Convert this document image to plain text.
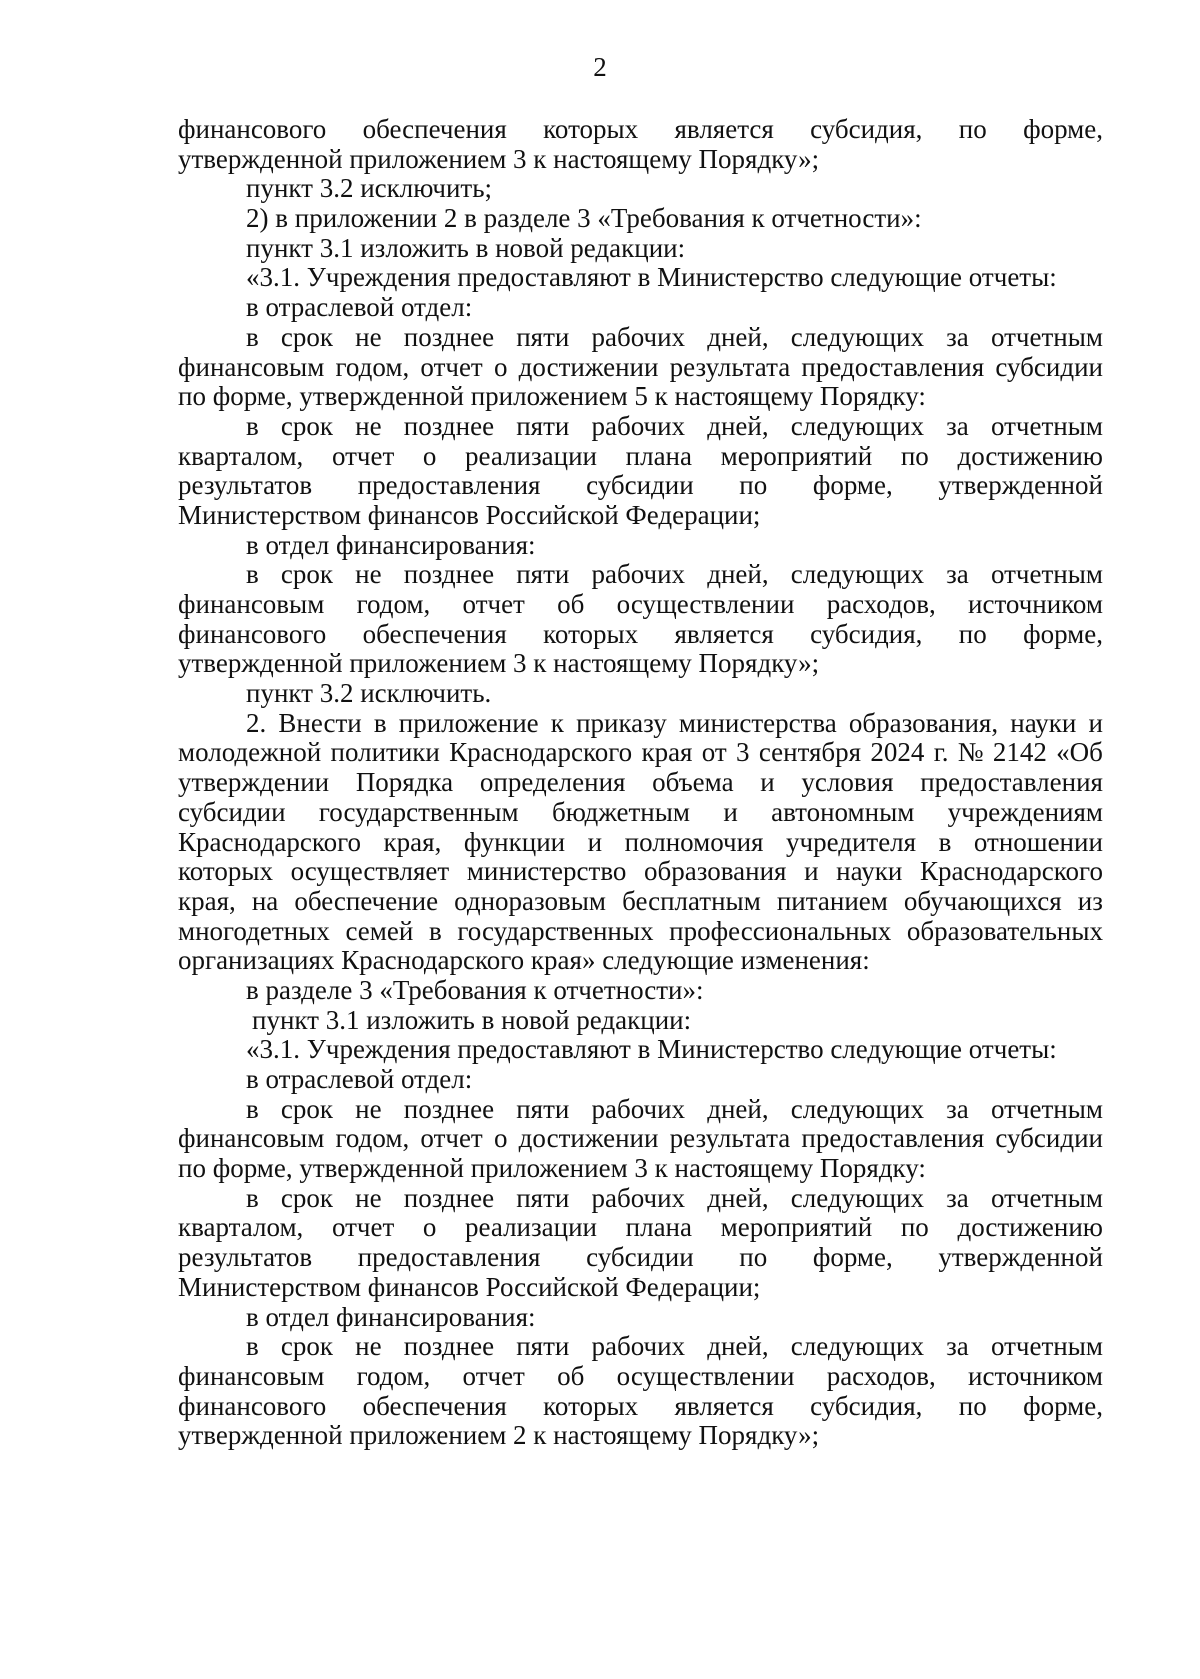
2
финансового обеспечения которых является субсидия, по форме,
утвержденной приложением 3 к настоящему Порядку»;
пункт 3.2 исключить;
2) в приложении 2 в разделе 3 «Требования к отчетности»:
пункт 3.1 изложить в новой редакции:
«3.1. Учреждения предоставляют в Министерство следующие отчеты:
в отраслевой отдел:
в срок не позднее пяти рабочих дней, следующих за отчетным
финансовым годом, отчет о достижении результата предоставления субсидии
по форме, утвержденной приложением 5 к настоящему Порядку:
в срок не позднее пяти рабочих дней, следующих за отчетным
кварталом, отчет о реализации плана мероприятий по достижению
результатов предоставления субсидии по форме, утвержденной
Министерством финансов Российской Федерации;
в отдел финансирования:
в срок не позднее пяти рабочих дней, следующих за отчетным
финансовым годом, отчет об осуществлении расходов, источником
финансового обеспечения которых является субсидия, по форме,
утвержденной приложением 3 к настоящему Порядку»;
пункт 3.2 исключить.
2. Внести в приложение к приказу министерства образования, науки и
молодежной политики Краснодарского края от 3 сентября 2024 г. № 2142 «Об
утверждении Порядка определения объема и условия предоставления
субсидии государственным бюджетным и автономным учреждениям
Краснодарского края, функции и полномочия учредителя в отношении
которых осуществляет министерство образования и науки Краснодарского
края, на обеспечение одноразовым бесплатным питанием обучающихся из
многодетных семей в государственных профессиональных образовательных
организациях Краснодарского края» следующие изменения:
в разделе 3 «Требования к отчетности»:
пункт 3.1 изложить в новой редакции:
«3.1. Учреждения предоставляют в Министерство следующие отчеты:
в отраслевой отдел:
в срок не позднее пяти рабочих дней, следующих за отчетным
финансовым годом, отчет о достижении результата предоставления субсидии
по форме, утвержденной приложением 3 к настоящему Порядку:
в срок не позднее пяти рабочих дней, следующих за отчетным
кварталом, отчет о реализации плана мероприятий по достижению
результатов предоставления субсидии по форме, утвержденной
Министерством финансов Российской Федерации;
в отдел финансирования:
в срок не позднее пяти рабочих дней, следующих за отчетным
финансовым годом, отчет об осуществлении расходов, источником
финансового обеспечения которых является субсидия, по форме,
утвержденной приложением 2 к настоящему Порядку»;
